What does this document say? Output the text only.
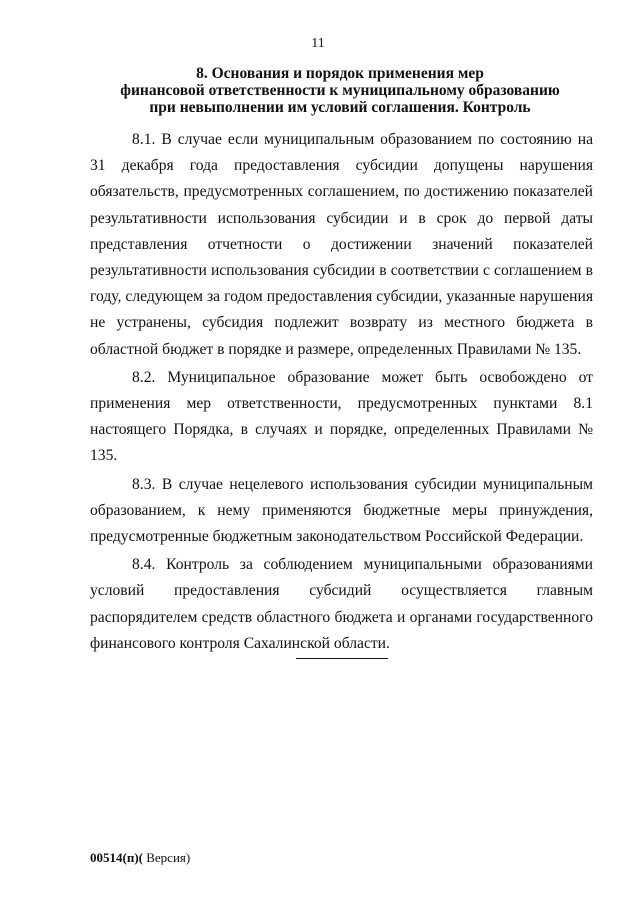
11
8. Основания и порядок применения мер
финансовой ответственности к муниципальному образованию
при невыполнении им условий соглашения. Контроль

8.1. В случае если муниципальным образованием по состоянию на 31 декабря года предоставления субсидии допущены нарушения обязательств, предусмотренных соглашением, по достижению показателей результативности использования субсидии и в срок до первой даты представления отчетности о достижении значений показателей результативности использования субсидии в соответствии с соглашением в году, следующем за годом предоставления субсидии, указанные нарушения не устранены, субсидия подлежит возврату из местного бюджета в областной бюджет в порядке и размере, определенных Правилами № 135.

8.2. Муниципальное образование может быть освобождено от применения мер ответственности, предусмотренных пунктами 8.1 настоящего Порядка, в случаях и порядке, определенных Правилами № 135.

8.3. В случае нецелевого использования субсидии муниципальным образованием, к нему применяются бюджетные меры принуждения, предусмотренные бюджетным законодательством Российской Федерации.

8.4. Контроль за соблюдением муниципальными образованиями условий предоставления субсидий осуществляется главным распорядителем средств областного бюджета и органами государственного финансового контроля Сахалинской области.

00514(п)( Версия)
